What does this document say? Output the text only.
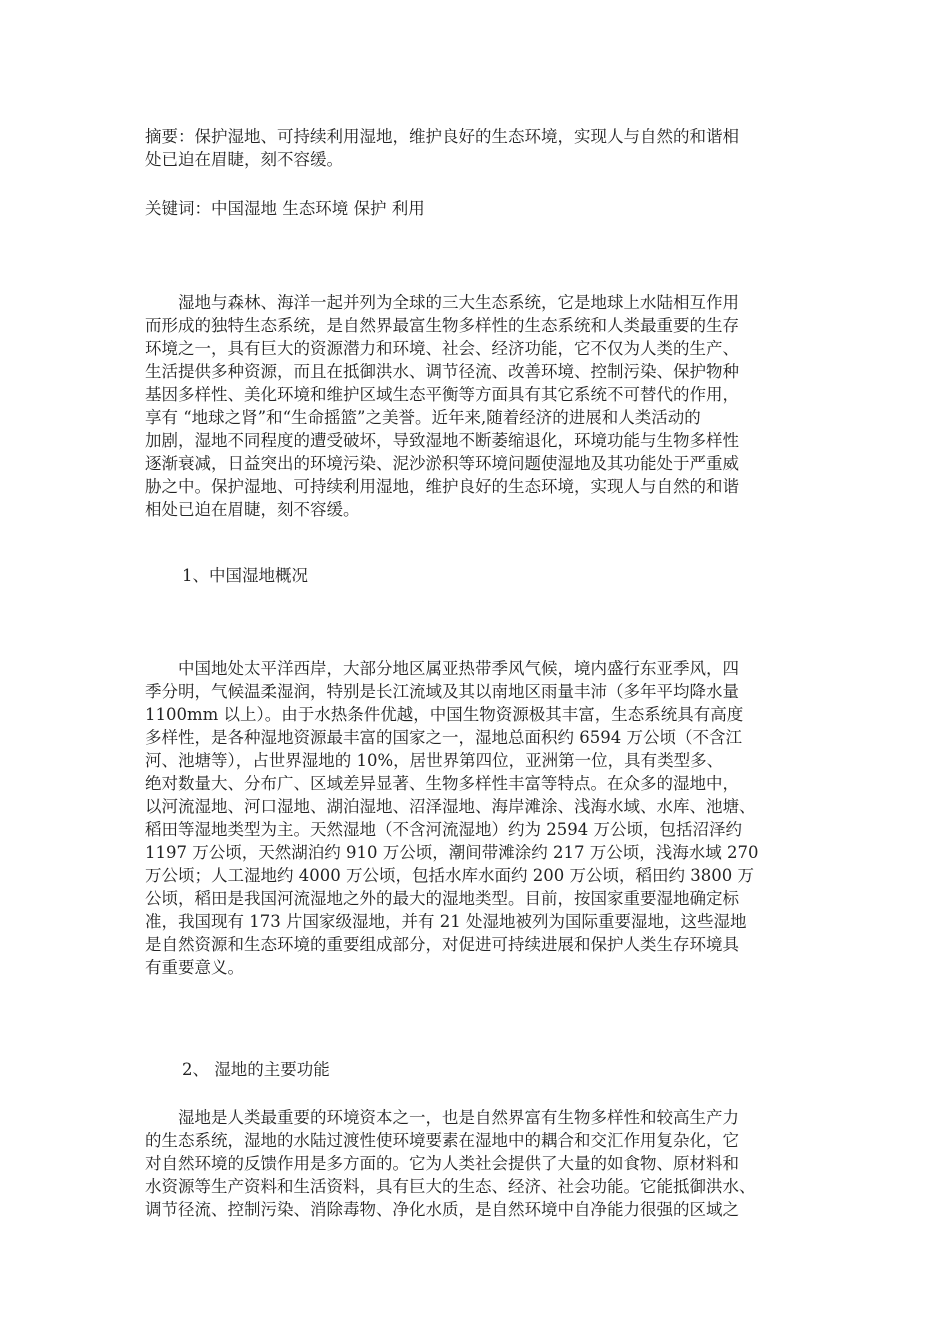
摘要：保护湿地、可持续利用湿地，维护良好的生态环境，实现人与自然的和谐相
处已迫在眉睫，刻不容缓。

关键词：中国湿地 生态环境 保护 利用

　　湿地与森林、海洋一起并列为全球的三大生态系统，它是地球上水陆相互作用
而形成的独特生态系统，是自然界最富生物多样性的生态系统和人类最重要的生存
环境之一，具有巨大的资源潜力和环境、社会、经济功能，它不仅为人类的生产、
生活提供多种资源，而且在抵御洪水、调节径流、改善环境、控制污染、保护物种
基因多样性、美化环境和维护区域生态平衡等方面具有其它系统不可替代的作用，
享有 “地球之肾”和“生命摇篮”之美誉。近年来,随着经济的进展和人类活动的
加剧，湿地不同程度的遭受破坏，导致湿地不断萎缩退化，环境功能与生物多样性
逐渐衰减，日益突出的环境污染、泥沙淤积等环境问题使湿地及其功能处于严重威
胁之中。保护湿地、可持续利用湿地，维护良好的生态环境，实现人与自然的和谐
相处已迫在眉睫，刻不容缓。

1、中国湿地概况

　　中国地处太平洋西岸，大部分地区属亚热带季风气候，境内盛行东亚季风，四
季分明，气候温柔湿润，特别是长江流域及其以南地区雨量丰沛（多年平均降水量
1100mm 以上）。由于水热条件优越，中国生物资源极其丰富，生态系统具有高度
多样性，是各种湿地资源最丰富的国家之一，湿地总面积约 6594 万公顷（不含江
河、池塘等），占世界湿地的 10%，居世界第四位，亚洲第一位，具有类型多、
绝对数量大、分布广、区域差异显著、生物多样性丰富等特点。在众多的湿地中，
以河流湿地、河口湿地、湖泊湿地、沼泽湿地、海岸滩涂、浅海水域、水库、池塘、
稻田等湿地类型为主。天然湿地（不含河流湿地）约为 2594 万公顷，包括沼泽约
1197 万公顷，天然湖泊约 910 万公顷，潮间带滩涂约 217 万公顷，浅海水域 270
万公顷；人工湿地约 4000 万公顷，包括水库水面约 200 万公顷，稻田约 3800 万
公顷，稻田是我国河流湿地之外的最大的湿地类型。目前，按国家重要湿地确定标
准，我国现有 173 片国家级湿地，并有 21 处湿地被列为国际重要湿地，这些湿地
是自然资源和生态环境的重要组成部分，对促进可持续进展和保护人类生存环境具
有重要意义。

2、 湿地的主要功能

　　湿地是人类最重要的环境资本之一，也是自然界富有生物多样性和较高生产力
的生态系统，湿地的水陆过渡性使环境要素在湿地中的耦合和交汇作用复杂化，它
对自然环境的反馈作用是多方面的。它为人类社会提供了大量的如食物、原材料和
水资源等生产资料和生活资料，具有巨大的生态、经济、社会功能。它能抵御洪水、
调节径流、控制污染、消除毒物、净化水质，是自然环境中自净能力很强的区域之
